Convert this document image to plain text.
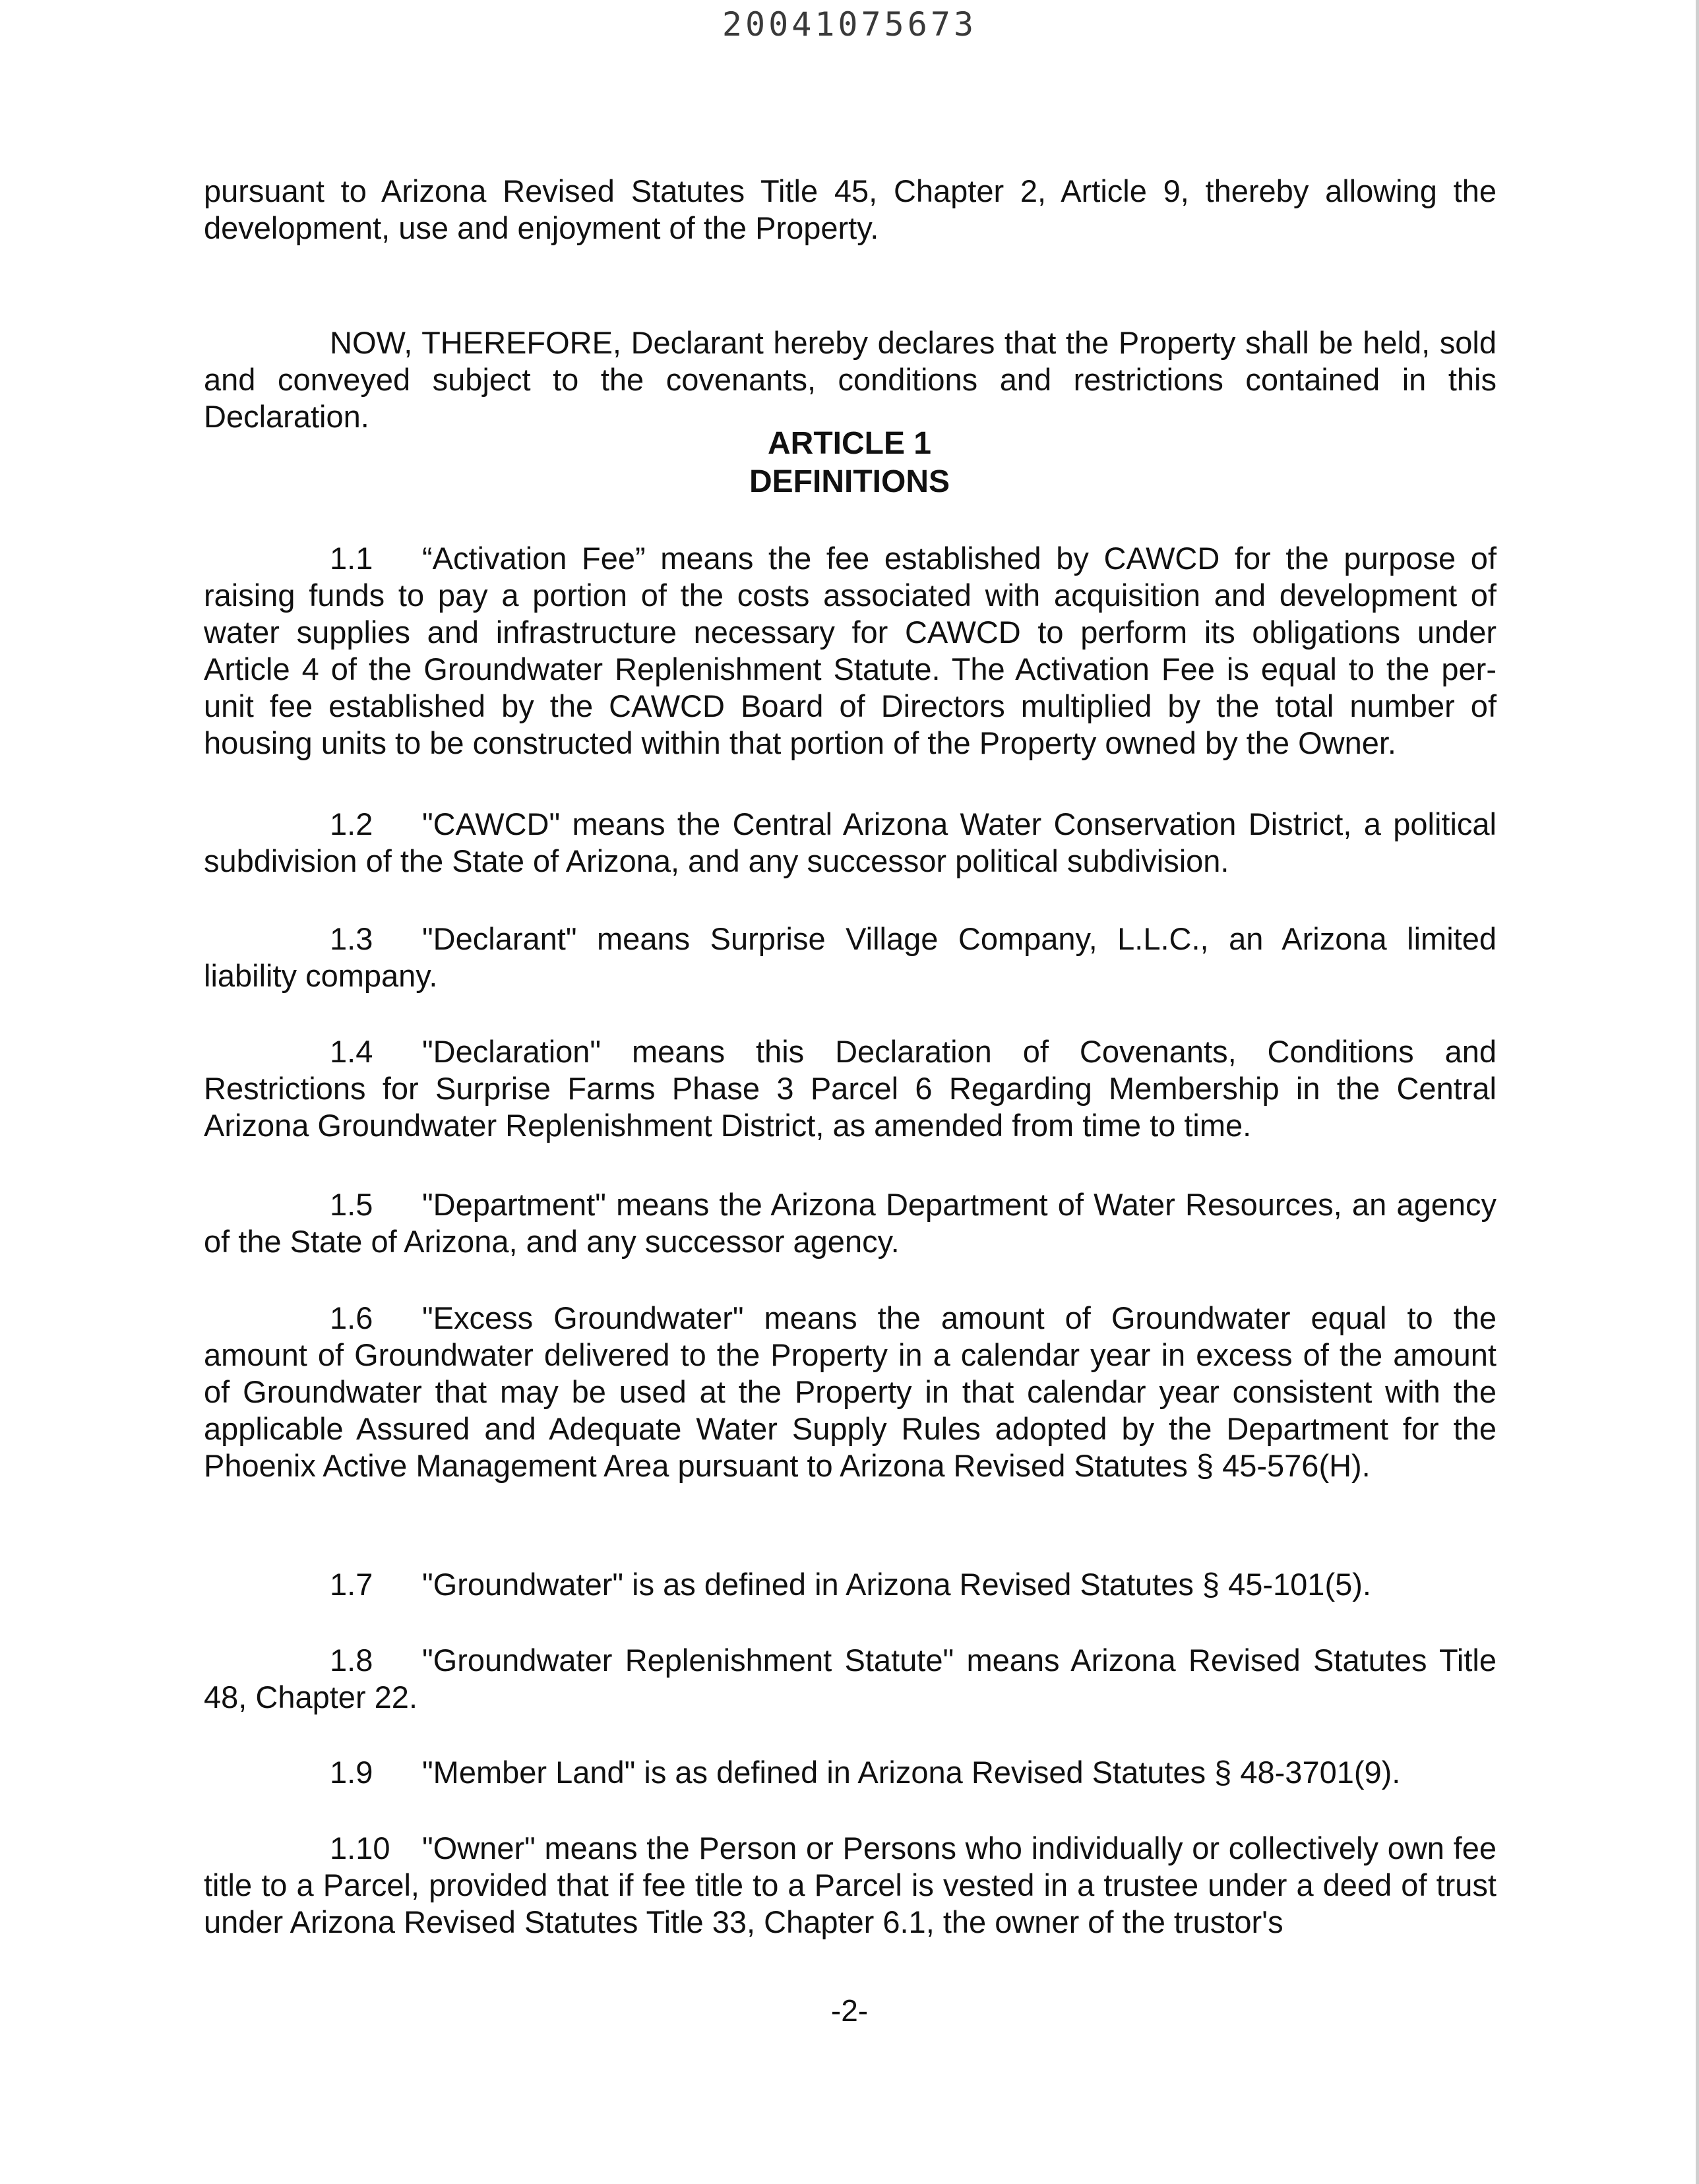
20041075673

pursuant to Arizona Revised Statutes Title 45, Chapter 2, Article 9, thereby allowing the development, use and enjoyment of the Property.

NOW, THEREFORE, Declarant hereby declares that the Property shall be held, sold and conveyed subject to the covenants, conditions and restrictions contained in this Declaration.

ARTICLE 1

DEFINITIONS

1.1 “Activation Fee” means the fee established by CAWCD for the purpose of raising funds to pay a portion of the costs associated with acquisition and development of water supplies and infrastructure necessary for CAWCD to perform its obligations under Article 4 of the Groundwater Replenishment Statute. The Activation Fee is equal to the per-unit fee established by the CAWCD Board of Directors multiplied by the total number of housing units to be constructed within that portion of the Property owned by the Owner.

1.2 "CAWCD" means the Central Arizona Water Conservation District, a political subdivision of the State of Arizona, and any successor political subdivision.

1.3 "Declarant" means Surprise Village Company, L.L.C., an Arizona limited liability company.

1.4 "Declaration" means this Declaration of Covenants, Conditions and Restrictions for Surprise Farms Phase 3 Parcel 6 Regarding Membership in the Central Arizona Groundwater Replenishment District, as amended from time to time.

1.5 "Department" means the Arizona Department of Water Resources, an agency of the State of Arizona, and any successor agency.

1.6 "Excess Groundwater" means the amount of Groundwater equal to the amount of Groundwater delivered to the Property in a calendar year in excess of the amount of Groundwater that may be used at the Property in that calendar year consistent with the applicable Assured and Adequate Water Supply Rules adopted by the Department for the Phoenix Active Management Area pursuant to Arizona Revised Statutes § 45-576(H).

1.7 "Groundwater" is as defined in Arizona Revised Statutes § 45-101(5).

1.8 "Groundwater Replenishment Statute" means Arizona Revised Statutes Title 48, Chapter 22.

1.9 "Member Land" is as defined in Arizona Revised Statutes § 48-3701(9).

1.10 "Owner" means the Person or Persons who individually or collectively own fee title to a Parcel, provided that if fee title to a Parcel is vested in a trustee under a deed of trust under Arizona Revised Statutes Title 33, Chapter 6.1, the owner of the trustor's

-2-
